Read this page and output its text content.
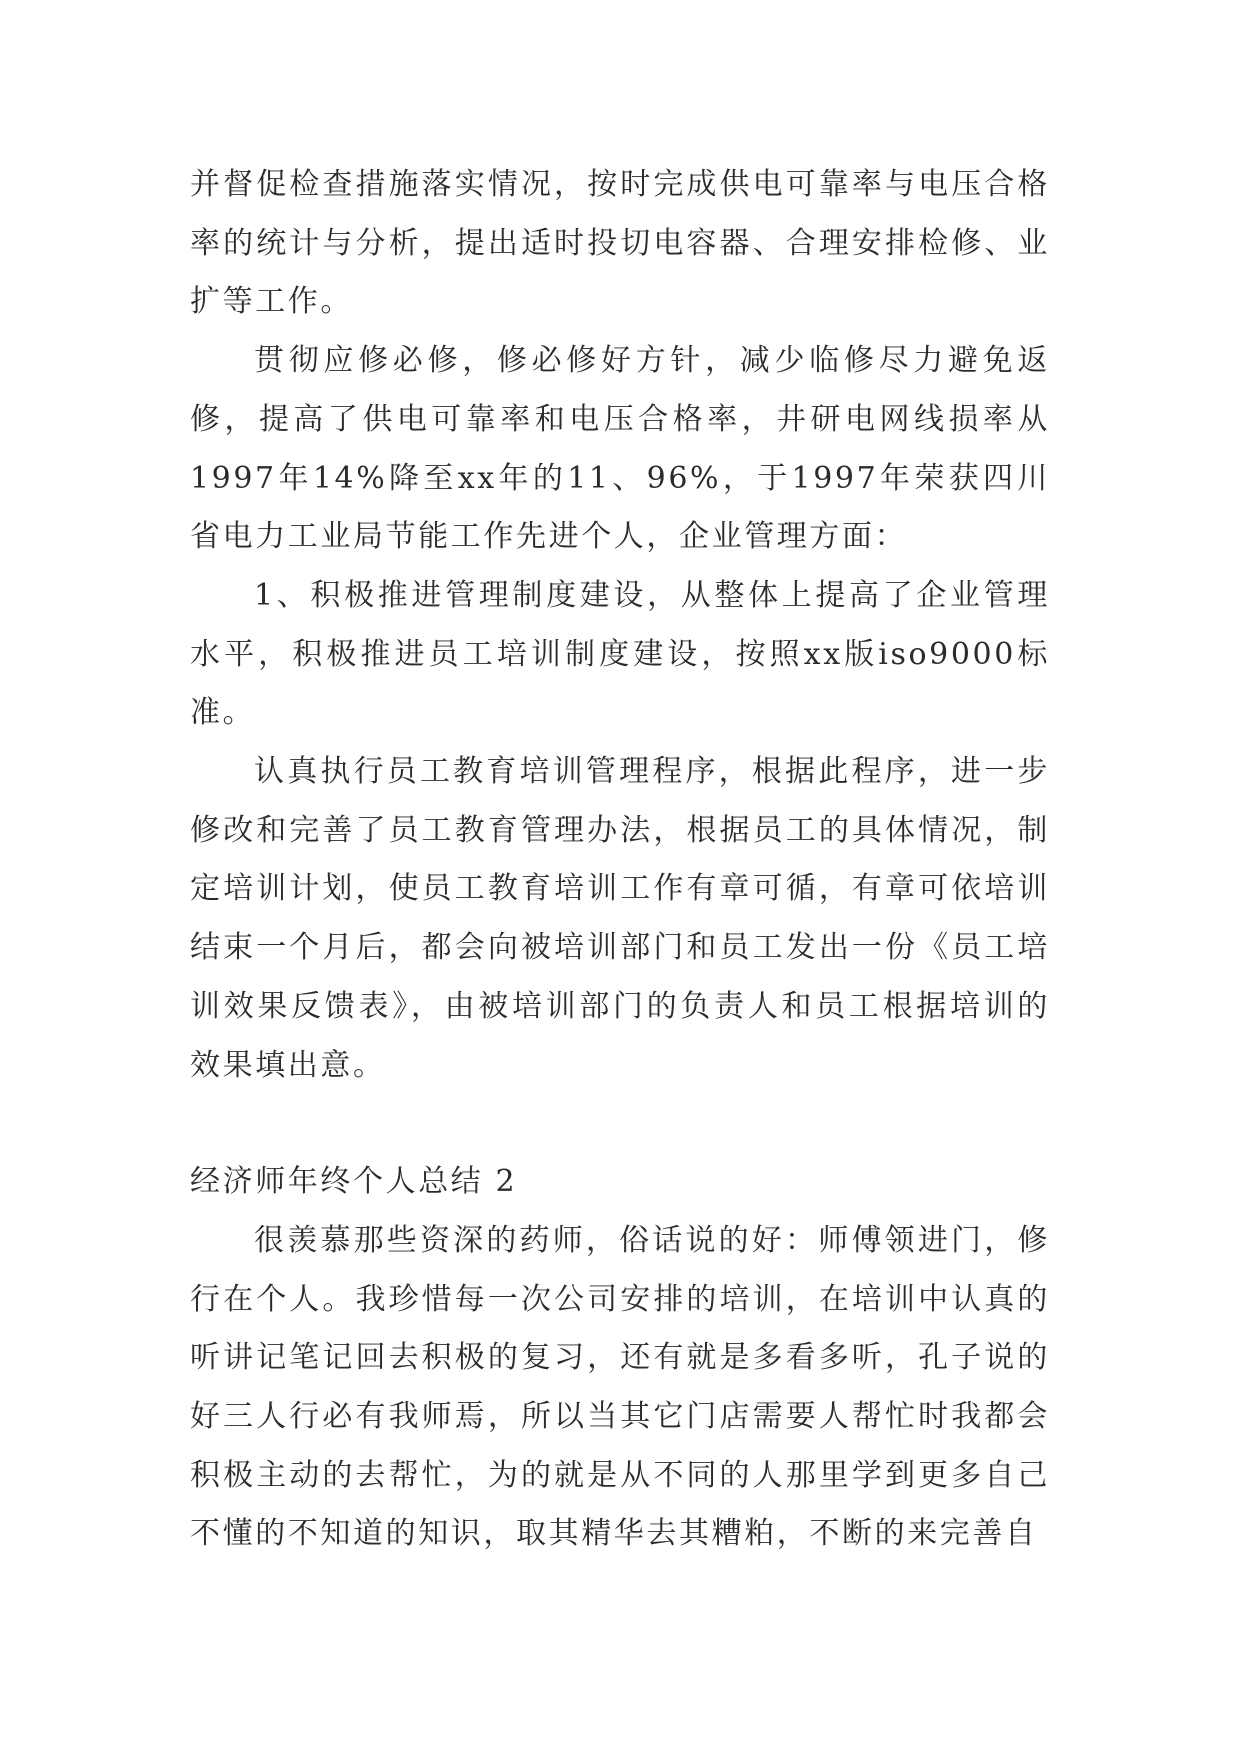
并督促检查措施落实情况，按时完成供电可靠率与电压合格率的统计与分析，提出适时投切电容器、合理安排检修、业扩等工作。

贯彻应修必修，修必修好方针，减少临修尽力避免返修，提高了供电可靠率和电压合格率，井研电网线损率从1997年14%降至xx年的11、96%，于1997年荣获四川省电力工业局节能工作先进个人，企业管理方面：

1、积极推进管理制度建设，从整体上提高了企业管理水平，积极推进员工培训制度建设，按照xx版iso9000标准。

认真执行员工教育培训管理程序，根据此程序，进一步修改和完善了员工教育管理办法，根据员工的具体情况，制定培训计划，使员工教育培训工作有章可循，有章可依培训结束一个月后，都会向被培训部门和员工发出一份《员工培训效果反馈表》，由被培训部门的负责人和员工根据培训的效果填出意。

经济师年终个人总结 2

很羡慕那些资深的药师，俗话说的好：师傅领进门，修行在个人。我珍惜每一次公司安排的培训，在培训中认真的听讲记笔记回去积极的复习，还有就是多看多听，孔子说的好三人行必有我师焉，所以当其它门店需要人帮忙时我都会积极主动的去帮忙，为的就是从不同的人那里学到更多自己不懂的不知道的知识，取其精华去其糟粕，不断的来完善自
